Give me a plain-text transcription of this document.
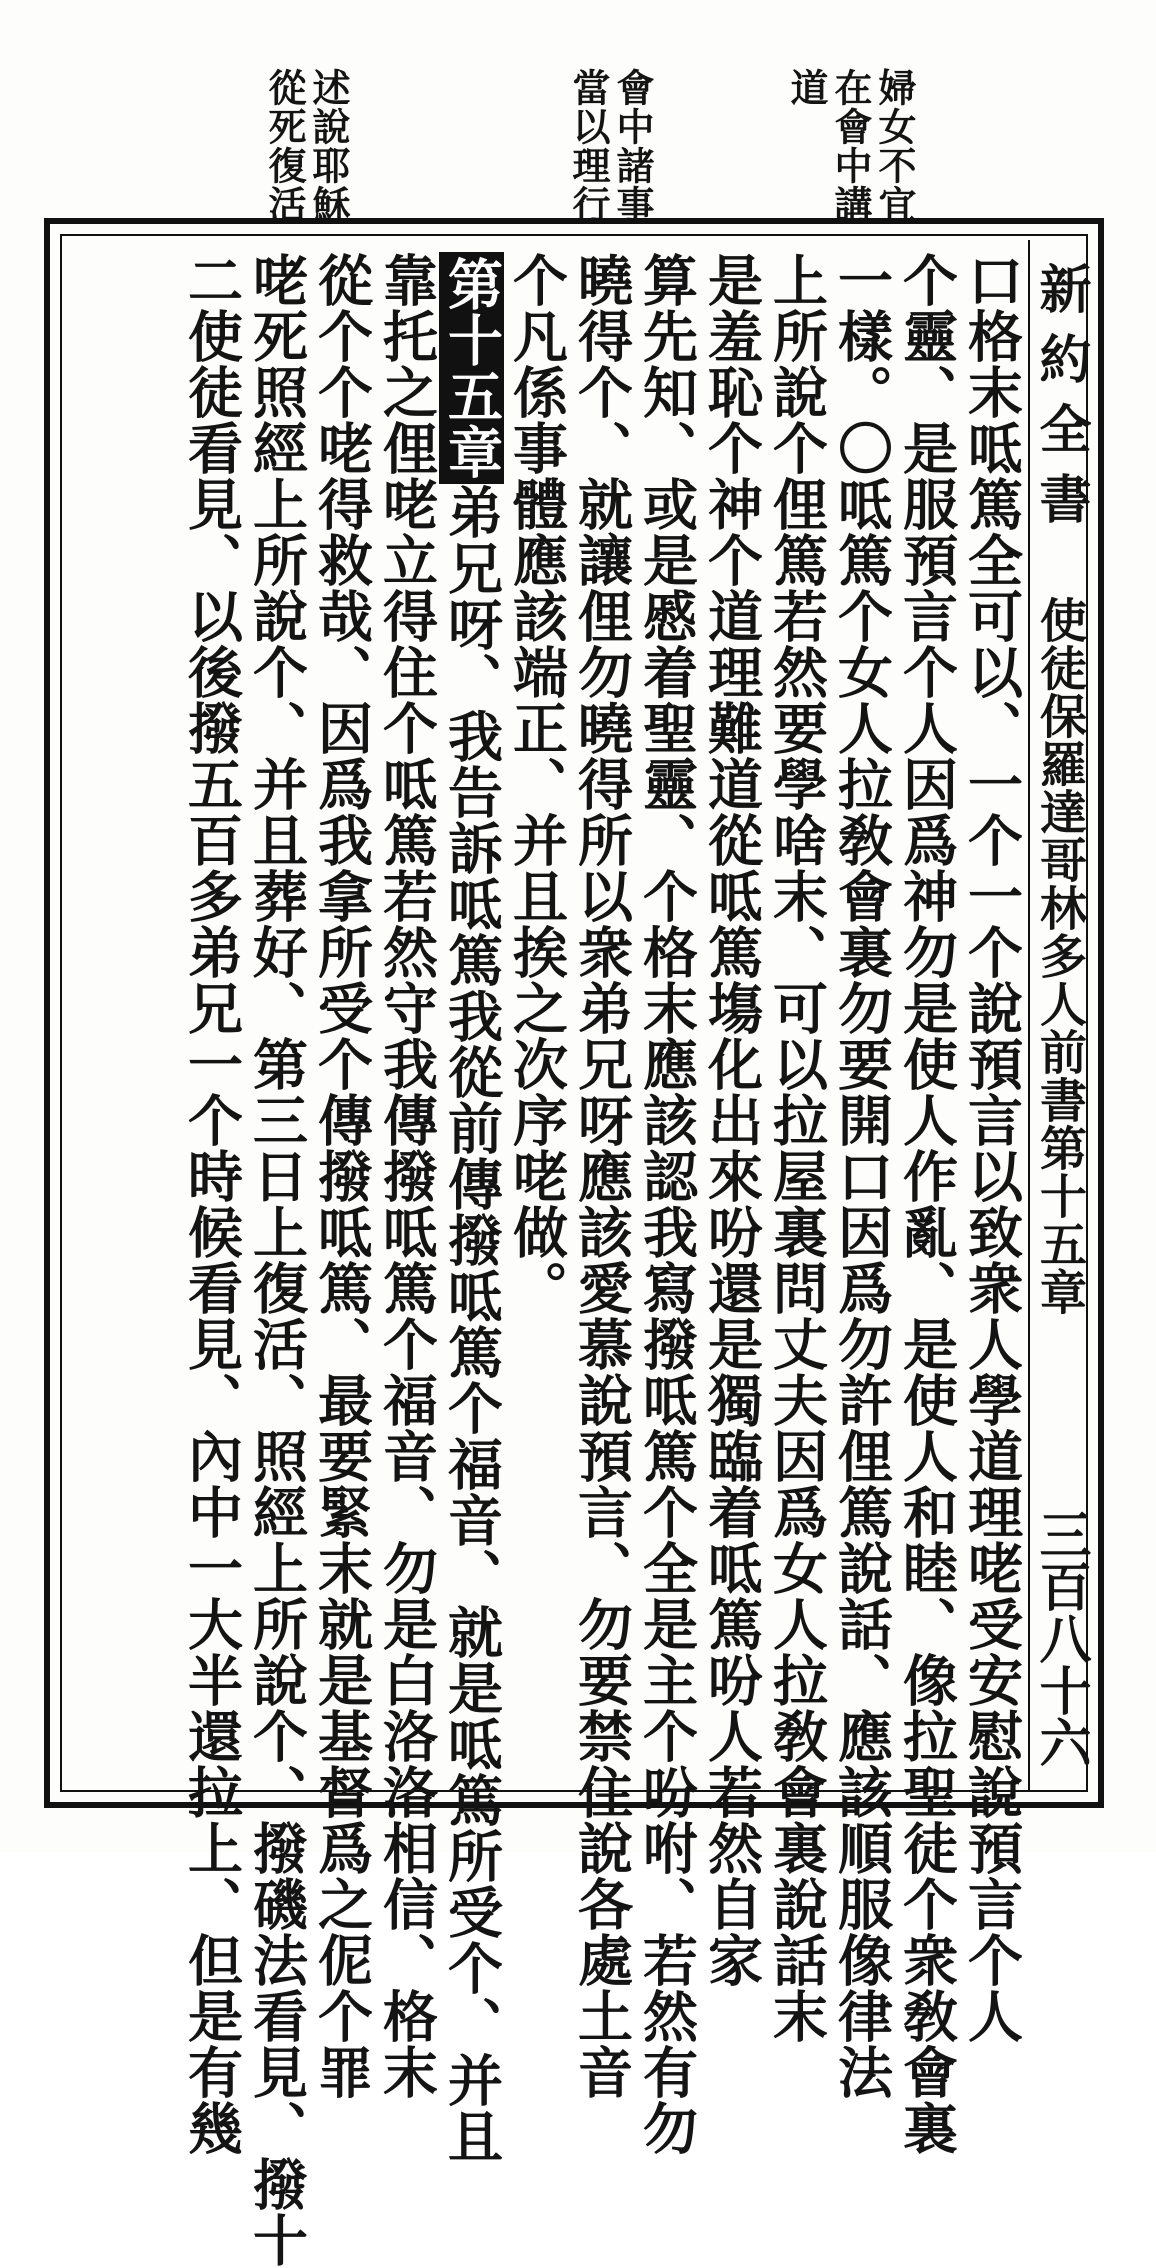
婦女不宜
在會中講
道
會中諸事
當以理行
述說耶穌
從死復活
新 約 全 書
使徒保羅達哥林多人前書第十五章
三百八十六
口格末呧篤全可以、一个一个說預言以致衆人學道理咾受安慰說預言个人
个靈、是服預言个人因爲神勿是使人作亂、是使人和睦、像拉聖徒个衆敎會裏
一樣。〇呧篤个女人拉敎會裏勿要開口因爲勿許俚篤說話、應該順服像律法
上所說个俚篤若然要學啥末、可以拉屋裏問丈夫因爲女人拉敎會裏說話末
是羞恥个神个道理難道從呧篤塲化出來吩還是獨臨着呧篤吩人若然自家
算先知、或是慼着聖靈、个格末應該認我寫撥呧篤个全是主个吩咐、若然有勿
曉得个、就讓俚勿曉得所以衆弟兄呀應該愛慕說預言、勿要禁住說各處土音
个凡係事體應該端正、并且挨之次序咾做。
第十五章弟兄呀、我告訴呧篤我從前傳撥呧篤个福音、就是呧篤所受个、并且
靠托之俚咾立得住个呧篤若然守我傳撥呧篤个福音、勿是白洛洛相信、格末
從个个咾得救哉、因爲我拿所受个傳撥呧篤、最要緊末就是基督爲之伲个罪
咾死照經上所說个、并且葬好、第三日上復活、照經上所說个、撥磯法看見、撥十
二使徒看見、以後撥五百多弟兄一个時候看見、內中一大半還拉上、但是有幾
